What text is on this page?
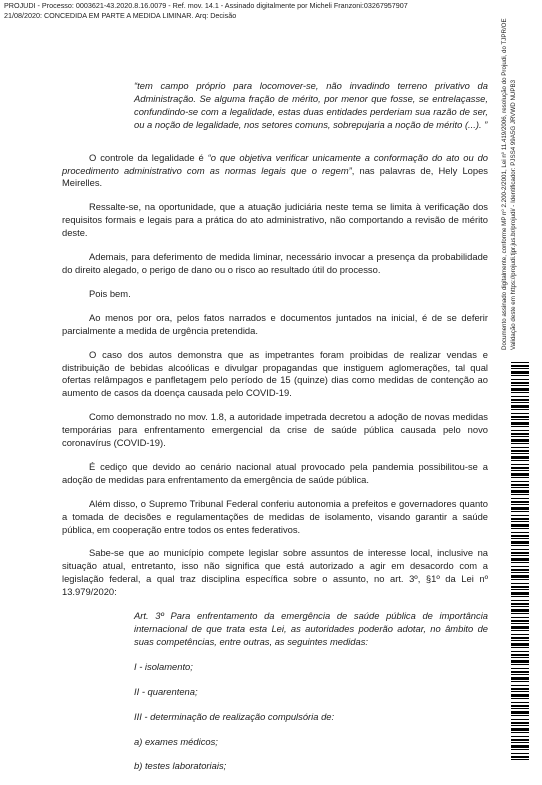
PROJUDI - Processo: 0003621-43.2020.8.16.0079 - Ref. mov. 14.1 - Assinado digitalmente por Micheli Franzoni:03267957907
21/08/2020: CONCEDIDA EM PARTE A MEDIDA LIMINAR. Arq: Decisão
“tem campo próprio para locomover-se, não invadindo terreno privativo da Administração. Se alguma fração de mérito, por menor que fosse, se entrelaçasse, confundindo-se com a legalidade, estas duas entidades perderiam sua razão de ser, ou a noção de legalidade, nos setores comuns, sobrepujaria a noção de mérito (...). ”

O controle da legalidade é “o que objetiva verificar unicamente a conformação do ato ou do procedimento administrativo com as normas legais que o regem”, nas palavras de, Hely Lopes Meirelles.

Ressalte-se, na oportunidade, que a atuação judiciária neste tema se limita à verificação dos requisitos formais e legais para a prática do ato administrativo, não comportando a revisão de mérito deste.

Ademais, para deferimento de medida liminar, necessário invocar a presença da probabilidade do direito alegado, o perigo de dano ou o risco ao resultado útil do processo.

Pois bem.

Ao menos por ora, pelos fatos narrados e documentos juntados na inicial, é de se deferir parcialmente a medida de urgência pretendida.

O caso dos autos demonstra que as impetrantes foram proibidas de realizar vendas e distribuição de bebidas alcoólicas e divulgar propagandas que instiguem aglomerações, tal qual ofertas relâmpagos e panfletagem pelo período de 15 (quinze) dias como medidas de contenção ao aumento de casos da doença causada pelo COVID-19.

Como demonstrado no mov. 1.8, a autoridade impetrada decretou a adoção de novas medidas temporárias para enfrentamento emergencial da crise de saúde pública causada pelo novo coronavírus (COVID-19).

É cediço que devido ao cenário nacional atual provocado pela pandemia possibilitou-se a adoção de medidas para enfrentamento da emergência de saúde pública.

Além disso, o Supremo Tribunal Federal conferiu autonomia a prefeitos e governadores quanto a tomada de decisões e regulamentações de medidas de isolamento, visando garantir a saúde pública, em cooperação entre todos os entes federativos.

Sabe-se que ao município compete legislar sobre assuntos de interesse local, inclusive na situação atual, entretanto, isso não significa que está autorizado a agir em desacordo com a legislação federal, a qual traz disciplina específica sobre o assunto, no art. 3º, §1º da Lei nº 13.979/2020:

Art. 3º Para enfrentamento da emergência de saúde pública de importância internacional de que trata esta Lei, as autoridades poderão adotar, no âmbito de suas competências, entre outras, as seguintes medidas:

I - isolamento;

II - quarentena;

III - determinação de realização compulsória de:

a) exames médicos;

b) testes laboratoriais;

Documento assinado digitalmente, conforme MP nº 2.200-2/2001, Lei nº 11.419/2006, resolução do Projudi, do TJPR/OE Validação deste em https://projudi.tjpr.jus.br/projudi/ - Identificador: PJSS4 99A5G JRVWD NUPB3
